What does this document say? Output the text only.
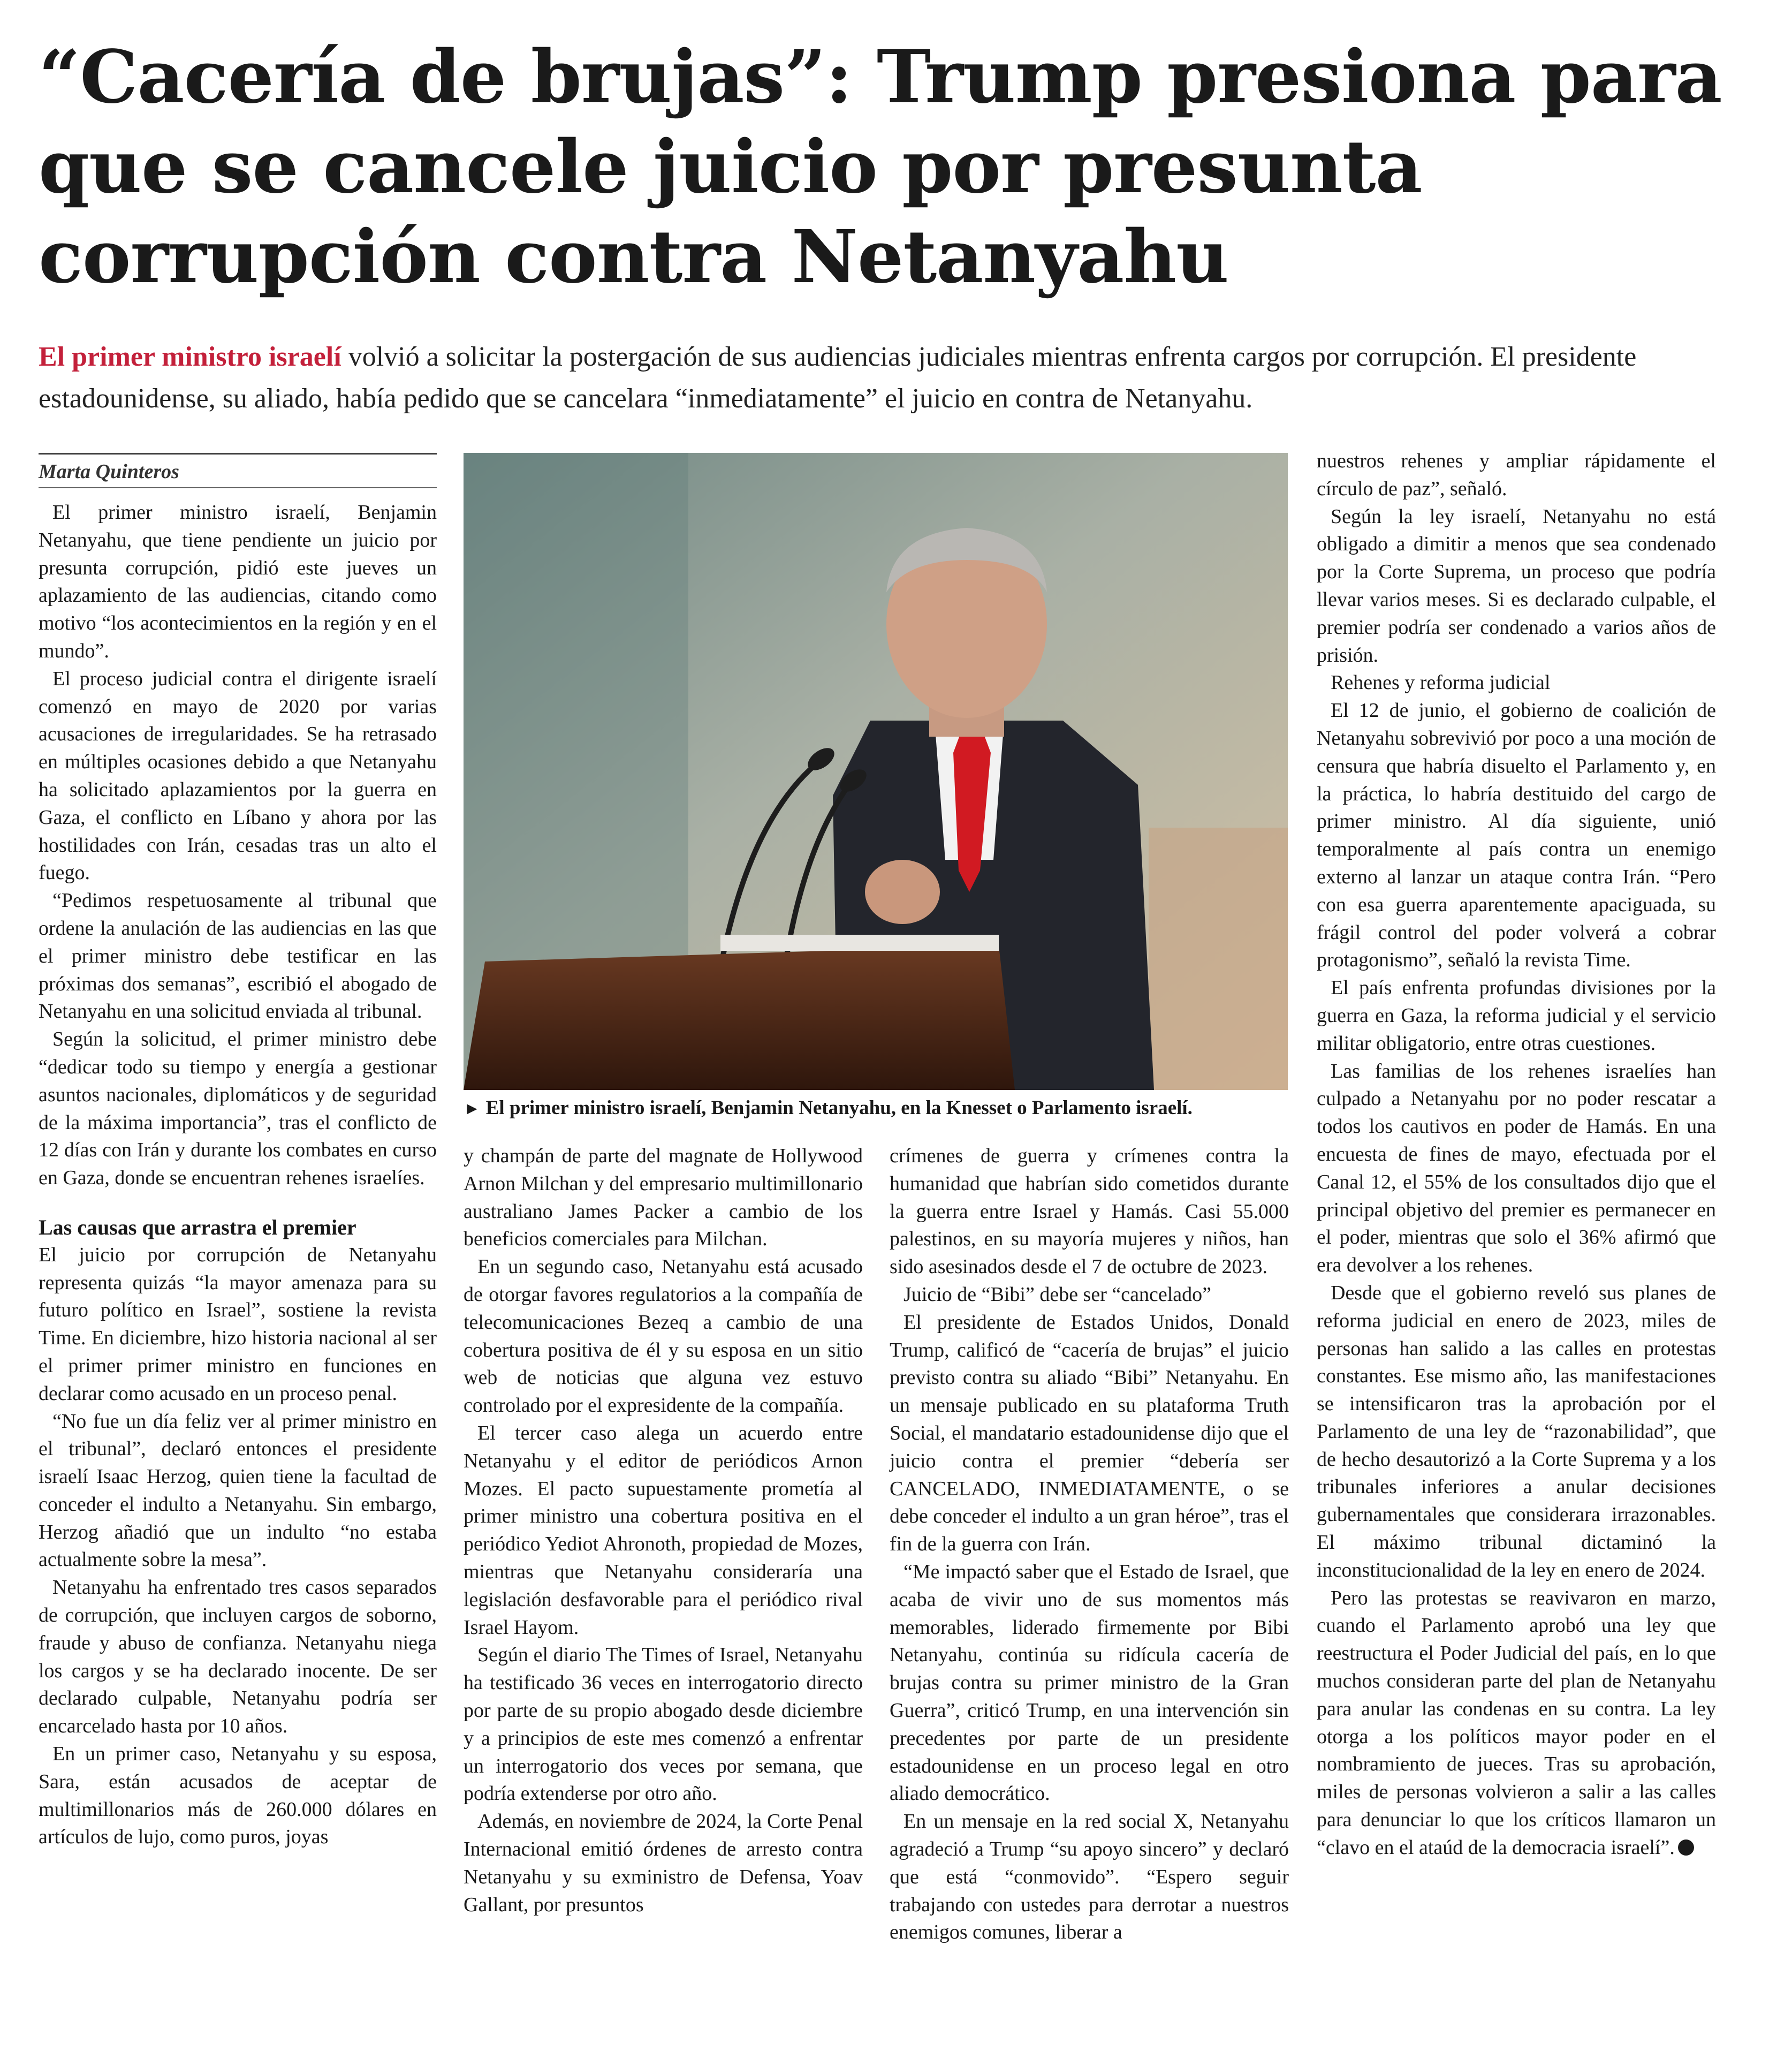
“Cacería de brujas”: Trump presiona para que se cancele juicio por presunta corrupción contra Netanyahu
El primer ministro israelí volvió a solicitar la postergación de sus audiencias judiciales mientras enfrenta cargos por corrupción. El presidente estadounidense, su aliado, había pedido que se cancelara “inmediatamente” el juicio en contra de Netanyahu.
Marta Quinteros

El primer ministro israelí, Benjamin Netanyahu, que tiene pendiente un juicio por presunta corrupción, pidió este jueves un aplazamiento de las audiencias, citando como motivo “los acontecimientos en la región y en el mundo”.

El proceso judicial contra el dirigente israelí comenzó en mayo de 2020 por varias acusaciones de irregularidades. Se ha retrasado en múltiples ocasiones debido a que Netanyahu ha solicitado aplazamientos por la guerra en Gaza, el conflicto en Líbano y ahora por las hostilidades con Irán, cesadas tras un alto el fuego.

“Pedimos respetuosamente al tribunal que ordene la anulación de las audiencias en las que el primer ministro debe testificar en las próximas dos semanas”, escribió el abogado de Netanyahu en una solicitud enviada al tribunal.

Según la solicitud, el primer ministro debe “dedicar todo su tiempo y energía a gestionar asuntos nacionales, diplomáticos y de seguridad de la máxima importancia”, tras el conflicto de 12 días con Irán y durante los combates en curso en Gaza, donde se encuentran rehenes israelíes.

Las causas que arrastra el premier

El juicio por corrupción de Netanyahu representa quizás “la mayor amenaza para su futuro político en Israel”, sostiene la revista Time. En diciembre, hizo historia nacional al ser el primer primer ministro en funciones en declarar como acusado en un proceso penal.

“No fue un día feliz ver al primer ministro en el tribunal”, declaró entonces el presidente israelí Isaac Herzog, quien tiene la facultad de conceder el indulto a Netanyahu. Sin embargo, Herzog añadió que un indulto “no estaba actualmente sobre la mesa”.

Netanyahu ha enfrentado tres casos separados de corrupción, que incluyen cargos de soborno, fraude y abuso de confianza. Netanyahu niega los cargos y se ha declarado inocente. De ser declarado culpable, Netanyahu podría ser encarcelado hasta por 10 años.

En un primer caso, Netanyahu y su esposa, Sara, están acusados de aceptar de multimillonarios más de 260.000 dólares en artículos de lujo, como puros, joyas

► El primer ministro israelí, Benjamin Netanyahu, en la Knesset o Parlamento israelí.

y champán de parte del magnate de Hollywood Arnon Milchan y del empresario multimillonario australiano James Packer a cambio de los beneficios comerciales para Milchan.

En un segundo caso, Netanyahu está acusado de otorgar favores regulatorios a la compañía de telecomunicaciones Bezeq a cambio de una cobertura positiva de él y su esposa en un sitio web de noticias que alguna vez estuvo controlado por el expresidente de la compañía.

El tercer caso alega un acuerdo entre Netanyahu y el editor de periódicos Arnon Mozes. El pacto supuestamente prometía al primer ministro una cobertura positiva en el periódico Yediot Ahronoth, propiedad de Mozes, mientras que Netanyahu consideraría una legislación desfavorable para el periódico rival Israel Hayom.

Según el diario The Times of Israel, Netanyahu ha testificado 36 veces en interrogatorio directo por parte de su propio abogado desde diciembre y a principios de este mes comenzó a enfrentar un interrogatorio dos veces por semana, que podría extenderse por otro año.

Además, en noviembre de 2024, la Corte Penal Internacional emitió órdenes de arresto contra Netanyahu y su exministro de Defensa, Yoav Gallant, por presuntos

crímenes de guerra y crímenes contra la humanidad que habrían sido cometidos durante la guerra entre Israel y Hamás. Casi 55.000 palestinos, en su mayoría mujeres y niños, han sido asesinados desde el 7 de octubre de 2023.

Juicio de “Bibi” debe ser “cancelado”

El presidente de Estados Unidos, Donald Trump, calificó de “cacería de brujas” el juicio previsto contra su aliado “Bibi” Netanyahu. En un mensaje publicado en su plataforma Truth Social, el mandatario estadounidense dijo que el juicio contra el premier “debería ser CANCELADO, INMEDIATAMENTE, o se debe conceder el indulto a un gran héroe”, tras el fin de la guerra con Irán.

“Me impactó saber que el Estado de Israel, que acaba de vivir uno de sus momentos más memorables, liderado firmemente por Bibi Netanyahu, continúa su ridícula cacería de brujas contra su primer ministro de la Gran Guerra”, criticó Trump, en una intervención sin precedentes por parte de un presidente estadounidense en un proceso legal en otro aliado democrático.

En un mensaje en la red social X, Netanyahu agradeció a Trump “su apoyo sincero” y declaró que está “conmovido”. “Espero seguir trabajando con ustedes para derrotar a nuestros enemigos comunes, liberar a

nuestros rehenes y ampliar rápidamente el círculo de paz”, señaló.

Según la ley israelí, Netanyahu no está obligado a dimitir a menos que sea condenado por la Corte Suprema, un proceso que podría llevar varios meses. Si es declarado culpable, el premier podría ser condenado a varios años de prisión.

Rehenes y reforma judicial

El 12 de junio, el gobierno de coalición de Netanyahu sobrevivió por poco a una moción de censura que habría disuelto el Parlamento y, en la práctica, lo habría destituido del cargo de primer ministro. Al día siguiente, unió temporalmente al país contra un enemigo externo al lanzar un ataque contra Irán. “Pero con esa guerra aparentemente apaciguada, su frágil control del poder volverá a cobrar protagonismo”, señaló la revista Time.

El país enfrenta profundas divisiones por la guerra en Gaza, la reforma judicial y el servicio militar obligatorio, entre otras cuestiones.

Las familias de los rehenes israelíes han culpado a Netanyahu por no poder rescatar a todos los cautivos en poder de Hamás. En una encuesta de fines de mayo, efectuada por el Canal 12, el 55% de los consultados dijo que el principal objetivo del premier es permanecer en el poder, mientras que solo el 36% afirmó que era devolver a los rehenes.

Desde que el gobierno reveló sus planes de reforma judicial en enero de 2023, miles de personas han salido a las calles en protestas constantes. Ese mismo año, las manifestaciones se intensificaron tras la aprobación por el Parlamento de una ley de “razonabilidad”, que de hecho desautorizó a la Corte Suprema y a los tribunales inferiores a anular decisiones gubernamentales que considerara irrazonables. El máximo tribunal dictaminó la inconstitucionalidad de la ley en enero de 2024.

Pero las protestas se reavivaron en marzo, cuando el Parlamento aprobó una ley que reestructura el Poder Judicial del país, en lo que muchos consideran parte del plan de Netanyahu para anular las condenas en su contra. La ley otorga a los políticos mayor poder en el nombramiento de jueces. Tras su aprobación, miles de personas volvieron a salir a las calles para denunciar lo que los críticos llamaron un “clavo en el ataúd de la democracia israelí”.
